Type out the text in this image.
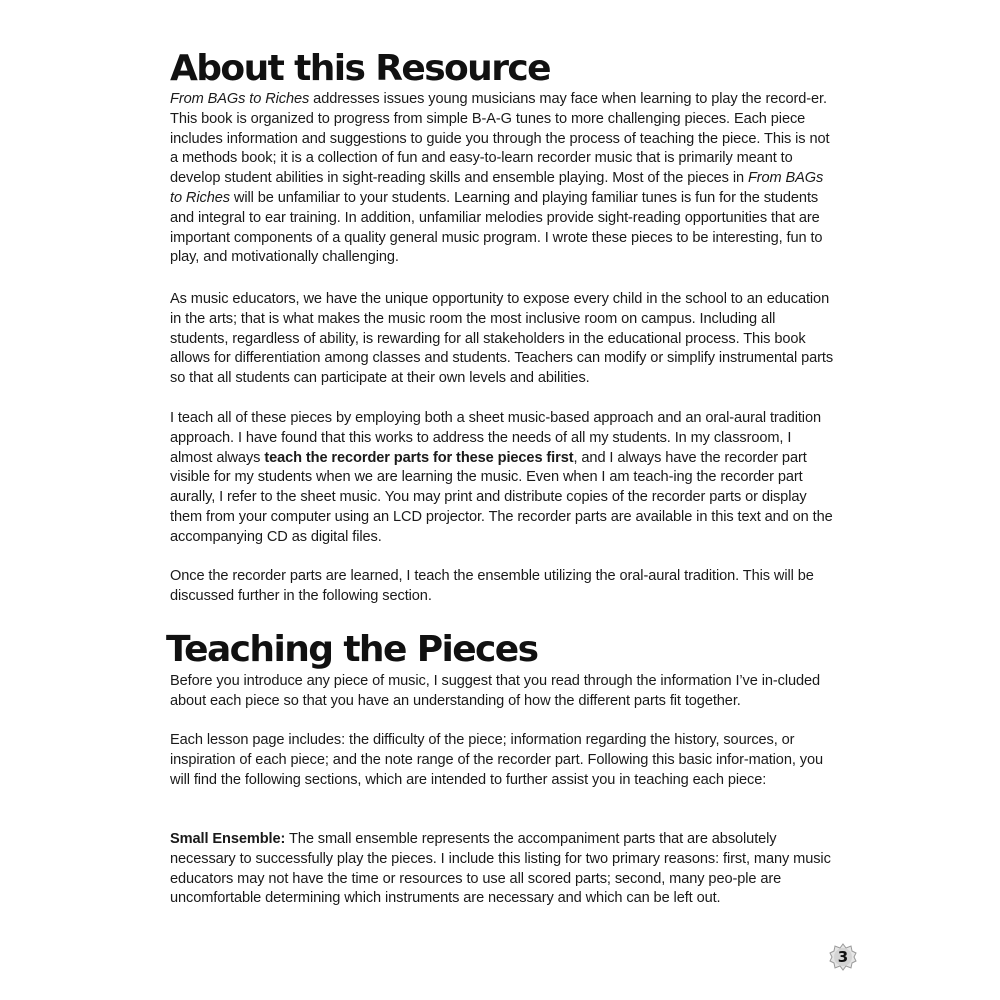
About this Resource

From BAGs to Riches addresses issues young musicians may face when learning to play the record-er. This book is organized to progress from simple B-A-G tunes to more challenging pieces. Each piece includes information and suggestions to guide you through the process of teaching the piece. This is not a methods book; it is a collection of fun and easy-to-learn recorder music that is primarily meant to develop student abilities in sight-reading skills and ensemble playing. Most of the pieces in From BAGs to Riches will be unfamiliar to your students. Learning and playing familiar tunes is fun for the students and integral to ear training. In addition, unfamiliar melodies provide sight-reading opportunities that are important components of a quality general music program. I wrote these pieces to be interesting, fun to play, and motivationally challenging.

As music educators, we have the unique opportunity to expose every child in the school to an education in the arts; that is what makes the music room the most inclusive room on campus. Including all students, regardless of ability, is rewarding for all stakeholders in the educational process. This book allows for differentiation among classes and students. Teachers can modify or simplify instrumental parts so that all students can participate at their own levels and abilities.

I teach all of these pieces by employing both a sheet music-based approach and an oral-aural tradition approach. I have found that this works to address the needs of all my students. In my classroom, I almost always teach the recorder parts for these pieces first, and I always have the recorder part visible for my students when we are learning the music. Even when I am teach-ing the recorder part aurally, I refer to the sheet music. You may print and distribute copies of the recorder parts or display them from your computer using an LCD projector. The recorder parts are available in this text and on the accompanying CD as digital files.

Once the recorder parts are learned, I teach the ensemble utilizing the oral-aural tradition. This will be discussed further in the following section.

Teaching the Pieces

Before you introduce any piece of music, I suggest that you read through the information I’ve in-cluded about each piece so that you have an understanding of how the different parts fit together.

Each lesson page includes: the difficulty of the piece; information regarding the history, sources, or inspiration of each piece; and the note range of the recorder part. Following this basic infor-mation, you will find the following sections, which are intended to further assist you in teaching each piece:

Small Ensemble: The small ensemble represents the accompaniment parts that are absolutely necessary to successfully play the pieces. I include this listing for two primary reasons: first, many music educators may not have the time or resources to use all scored parts; second, many peo-ple are uncomfortable determining which instruments are necessary and which can be left out.

3
